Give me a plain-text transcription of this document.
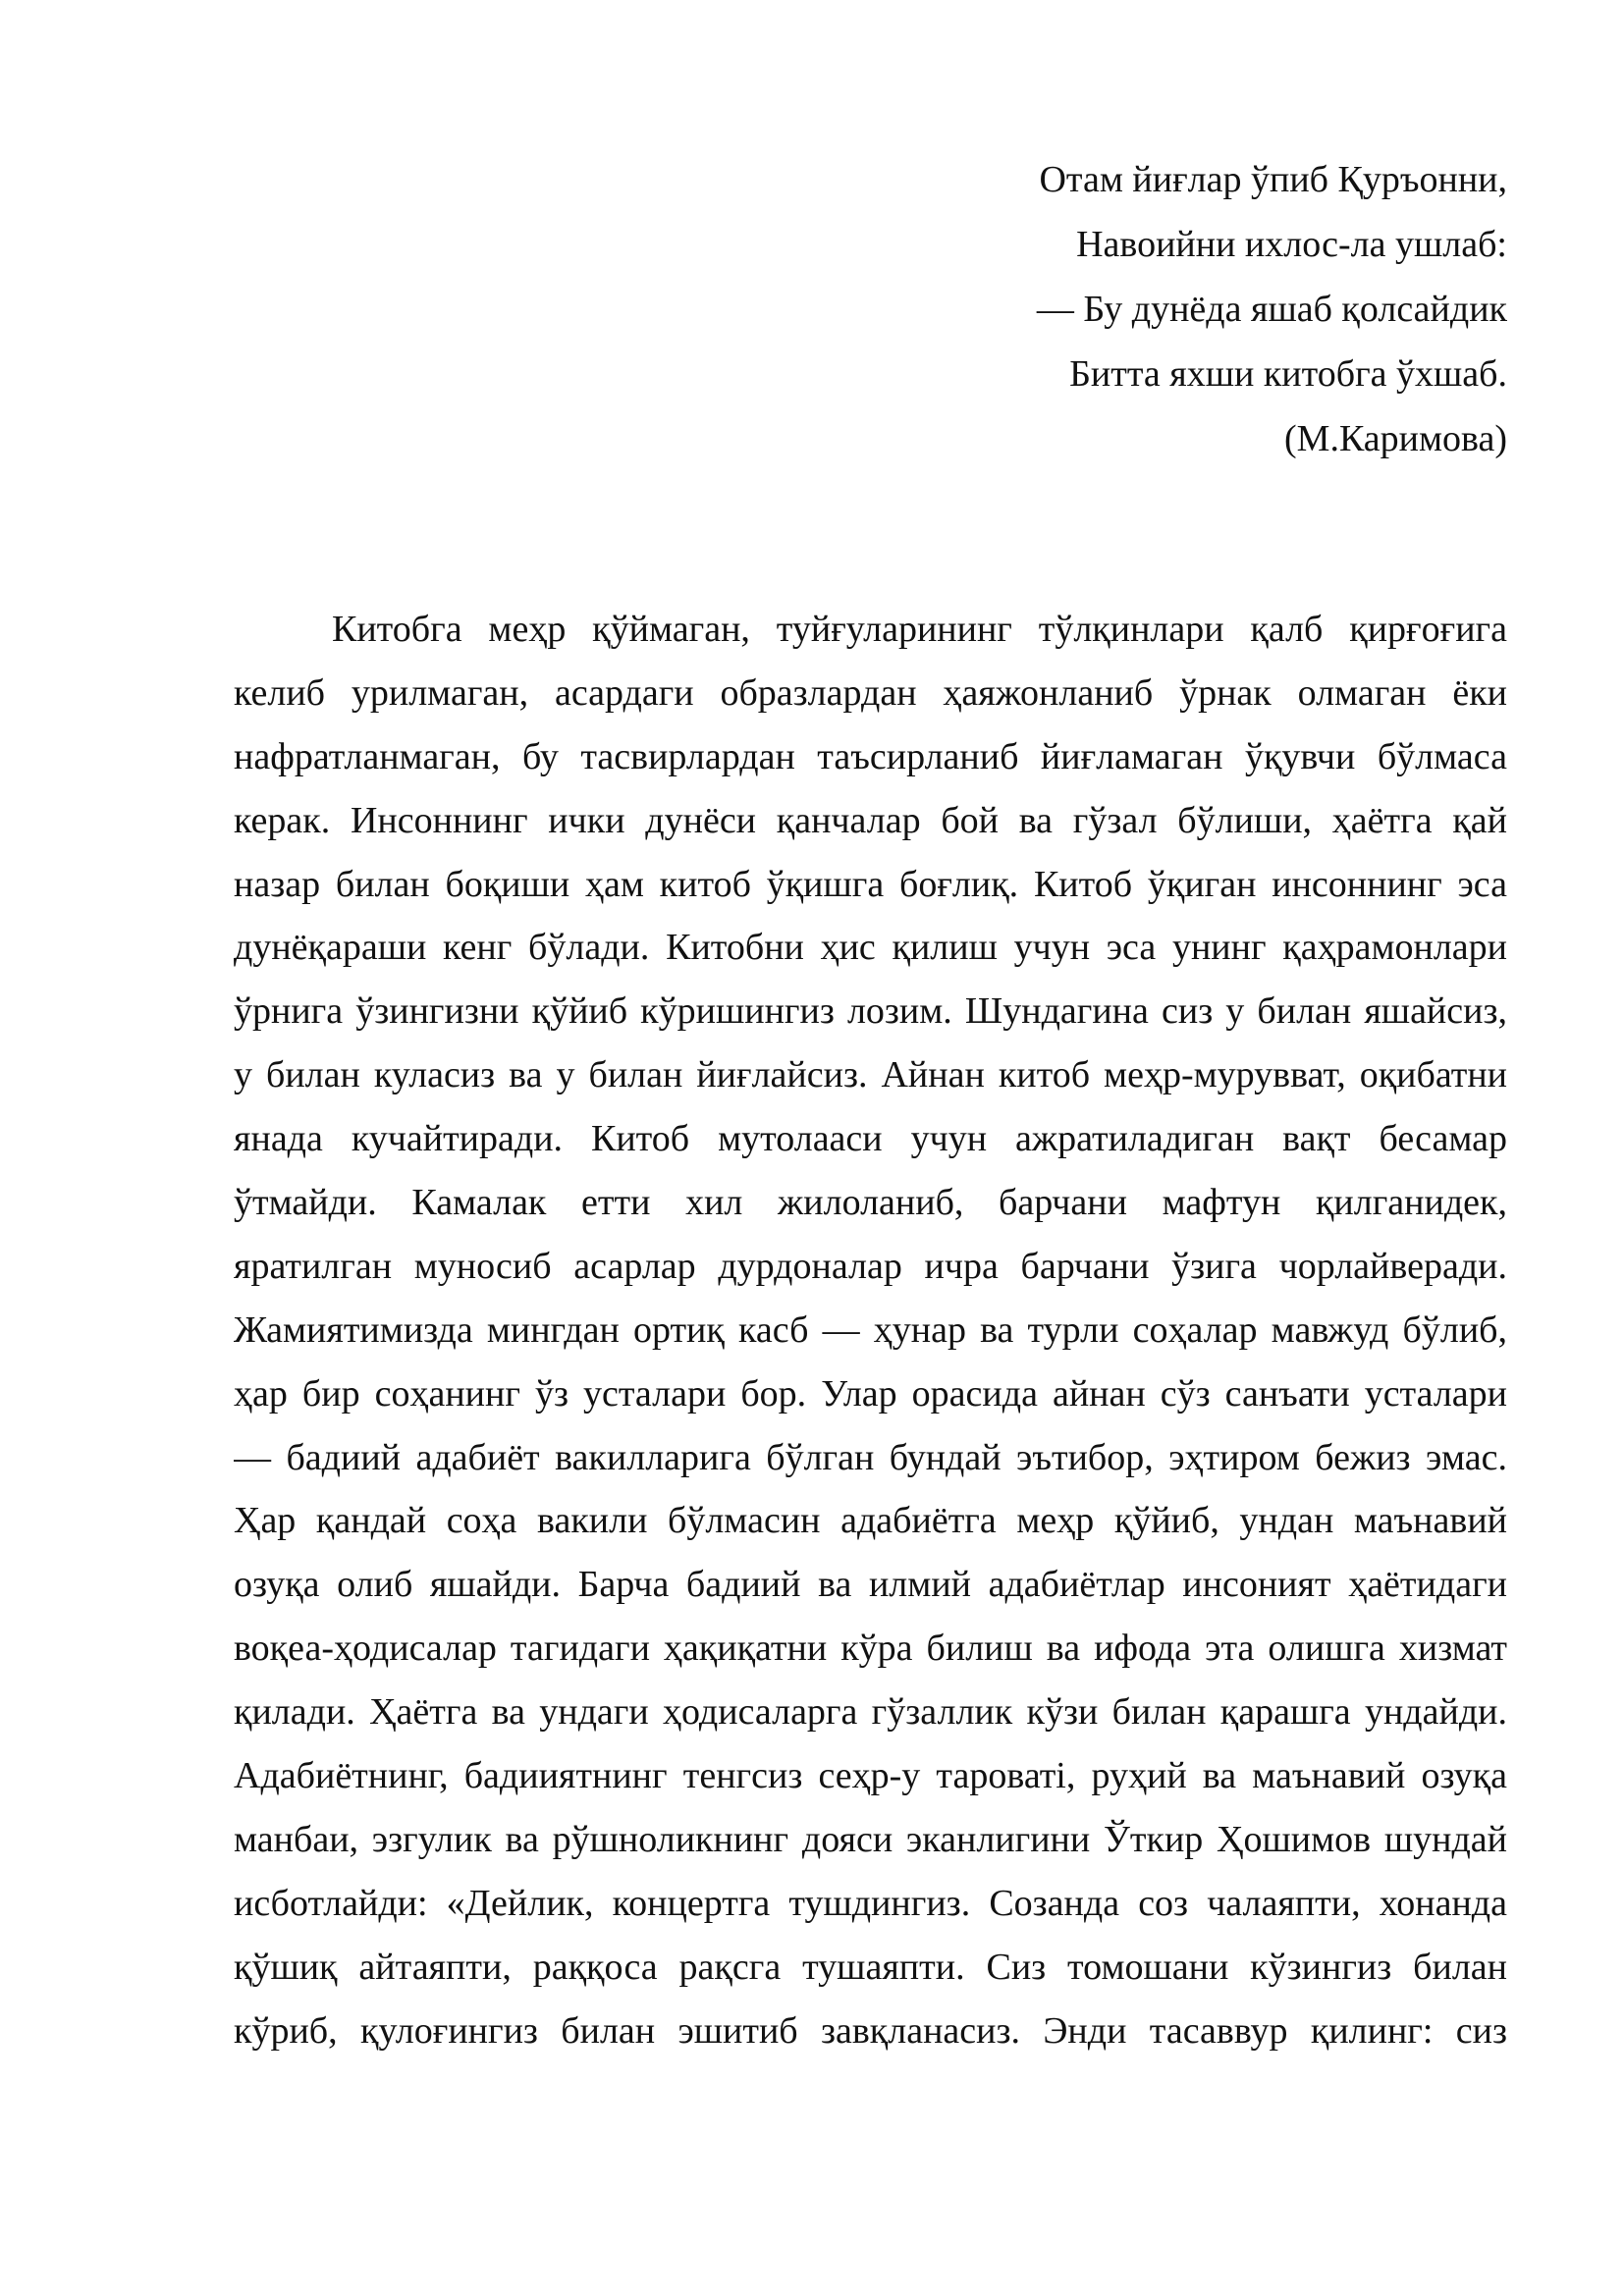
Отам йиғлар ўпиб Қуръонни,
Навоийни ихлос-ла ушлаб:
— Бу дунёда яшаб қолсайдик
Битта яхши китобга ўхшаб.
(М.Каримова)
Китобга меҳр қўймаган, туйғуларининг тўлқинлари қалб қирғоғига
келиб урилмаган, асардаги образлардан ҳаяжонланиб ўрнак олмаган ёки
нафратланмаган, бу тасвирлардан таъсирланиб йиғламаган ўқувчи бўлмаса
керак. Инсоннинг ички дунёси қанчалар бой ва гўзал бўлиши, ҳаётга қай
назар билан боқиши ҳам китоб ўқишга боғлиқ. Китоб ўқиган инсоннинг эса
дунёқараши кенг бўлади. Китобни ҳис қилиш учун эса унинг қаҳрамонлари
ўрнига ўзингизни қўйиб кўришингиз лозим. Шундагина сиз у билан яшайсиз,
у билан куласиз ва у билан йиғлайсиз. Айнан китоб меҳр-мурувват, оқибатни
янада кучайтиради. Китоб мутолааси учун ажратиладиган вақт бесамар
ўтмайди. Камалак етти хил жилоланиб, барчани мафтун қилганидек,
яратилган муносиб асарлар дурдоналар ичра барчани ўзига чорлайверади.
Жамиятимизда мингдан ортиқ касб — ҳунар ва турли соҳалар мавжуд бўлиб,
ҳар бир соҳанинг ўз усталари бор. Улар орасида айнан сўз санъати усталари
— бадиий адабиёт вакилларига бўлган бундай эътибор, эҳтиром бежиз эмас.
Ҳар қандай соҳа вакили бўлмасин адабиётга меҳр қўйиб, ундан маънавий
озуқа олиб яшайди. Барча бадиий ва илмий адабиётлар инсоният ҳаётидаги
воқеа-ҳодисалар тагидаги ҳақиқатни кўра билиш ва ифода эта олишга хизмат
қилади. Ҳаётга ва ундаги ҳодисаларга гўзаллик кўзи билан қарашга ундайди.
Адабиётнинг, бадииятнинг тенгсиз сеҳр-у тароватi, руҳий ва маънавий озуқа
манбаи, эзгулик ва рўшноликнинг дояси эканлигини Ўткир Ҳошимов шундай
исботлайди: «Дейлик, концертга тушдингиз. Созанда соз чалаяпти, хонанда
қўшиқ айтаяпти, раққоса рақсга тушаяпти. Сиз томошани кўзингиз билан
кўриб, қулоғингиз билан эшитиб завқланасиз. Энди тасаввур қилинг: сиз
